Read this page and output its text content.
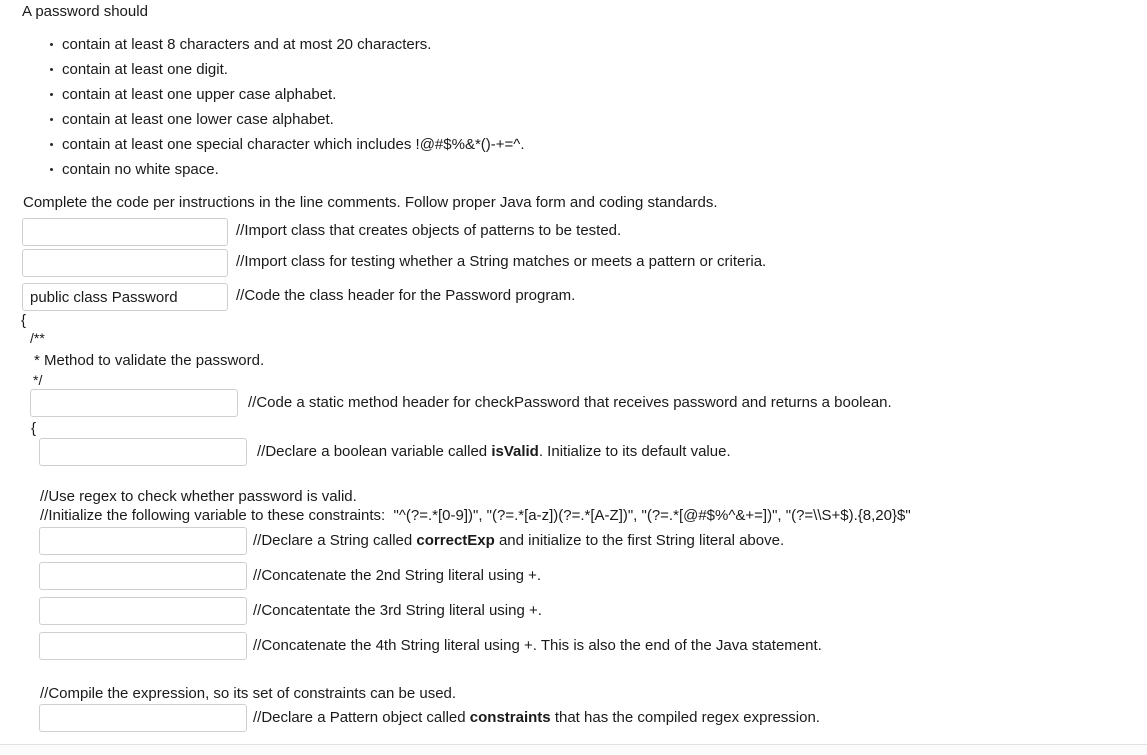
A password should
contain at least 8 characters and at most 20 characters.
contain at least one digit.
contain at least one upper case alphabet.
contain at least one lower case alphabet.
contain at least one special character which includes !@#$%&*()-+=^.
contain no white space.
Complete the code per instructions in the line comments. Follow proper Java form and coding standards.
//Import class that creates objects of patterns to be tested.
//Import class for testing whether a String matches or meets a pattern or criteria.
public class Password
//Code the class header for the Password program.
{
/**
* Method to validate the password.
*/
//Code a static method header for checkPassword that receives password and returns a boolean.
{
//Declare a boolean variable called isValid. Initialize to its default value.
//Use regex to check whether password is valid.
//Initialize the following variable to these constraints: "^(?=.*[0-9])", "(?=.*[a-z])(?=.*[A-Z])", "(?=.*[@#$%^&+=])", "(?=\\S+$).{8,20}$"
//Declare a String called correctExp and initialize to the first String literal above.
//Concatenate the 2nd String literal using +.
//Concatentate the 3rd String literal using +.
//Concatenate the 4th String literal using +. This is also the end of the Java statement.
//Compile the expression, so its set of constraints can be used.
//Declare a Pattern object called constraints that has the compiled regex expression.
